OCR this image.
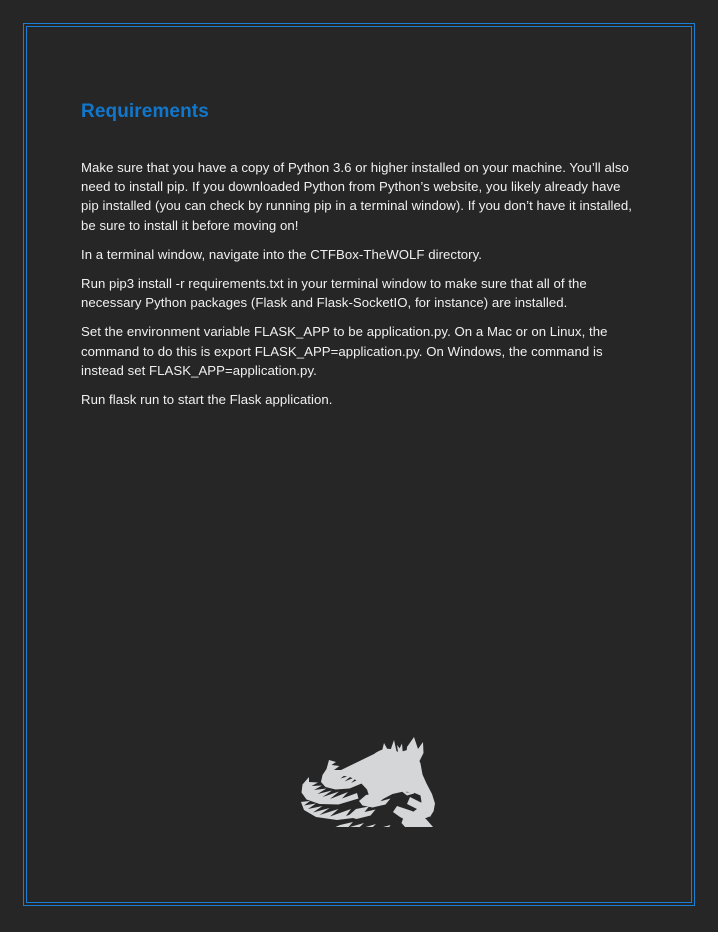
Requirements

Make sure that you have a copy of Python 3.6 or higher installed on your machine. You’ll also need to install pip. If you downloaded Python from Python’s website, you likely already have pip installed (you can check by running pip in a terminal window). If you don’t have it installed, be sure to install it before moving on!

In a terminal window, navigate into the CTFBox-TheWOLF directory.

Run pip3 install -r requirements.txt in your terminal window to make sure that all of the necessary Python packages (Flask and Flask-SocketIO, for instance) are installed.

Set the environment variable FLASK_APP to be application.py. On a Mac or on Linux, the command to do this is export FLASK_APP=application.py. On Windows, the command is instead set FLASK_APP=application.py.

Run flask run to start the Flask application.
